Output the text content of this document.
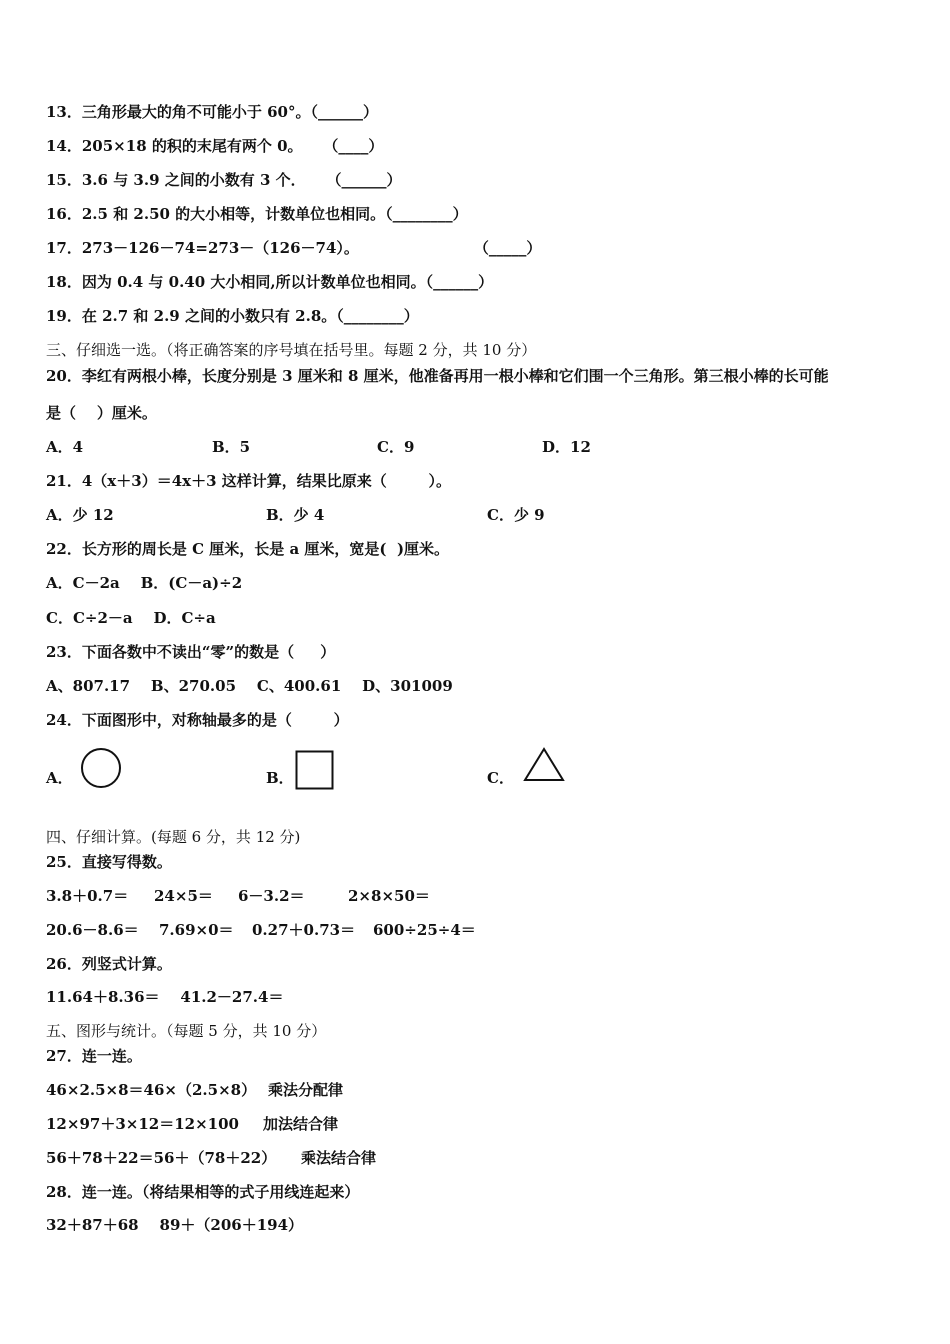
13．三角形最大的角不可能小于 60°。（______）
14．205×18 的积的末尾有两个 0。    （____）
15．3.6 与 3.9 之间的小数有 3 个．    （______）
16．2.5 和 2.50 的大小相等，计数单位也相同。（________）
17．273－126－74=273－（126－74）。                      （_____）
18．因为 0.4 与 0.40 大小相同,所以计数单位也相同。（______）
19．在 2.7 和 2.9 之间的小数只有 2.8。（________）
三、仔细选一选。（将正确答案的序号填在括号里。每题 2 分，共 10 分）
20．李红有两根小棒，长度分别是 3 厘米和 8 厘米，他准备再用一根小棒和它们围一个三角形。第三根小棒的长可能
是（    ）厘米。
A．4	B．5	C．9	D．12
21．4（x＋3）＝4x＋3 这样计算，结果比原来（        ）。
A．少 12	B．少 4	C．少 9
22．长方形的周长是 C 厘米，长是 a 厘米，宽是(  )厘米。
A．C－2a    B．(C－a)÷2
C．C÷2－a    D．C÷a
23．下面各数中不读出“零”的数是（     ）
A、807.17    B、270.05    C、400.61    D、301009
24．下面图形中，对称轴最多的是（        ）
A．	B．	C．
四、仔细计算。(每题 6 分，共 12 分)
25．直接写得数。
3.8＋0.7＝ 24×5＝ 6－3.2＝	2×8×50＝
20.6－8.6＝ 7.69×0＝ 0.27＋0.73＝ 600÷25÷4＝
26．列竖式计算。
11.64＋8.36＝    41.2－27.4＝
五、图形与统计。（每题 5 分，共 10 分）
27．连一连。
46×2.5×8＝46×（2.5×8） 乘法分配律
12×97＋3×12＝12×100 加法结合律
56＋78＋22＝56＋（78＋22） 乘法结合律
28．连一连。（将结果相等的式子用线连起来）
32＋87＋68    89＋（206＋194）
